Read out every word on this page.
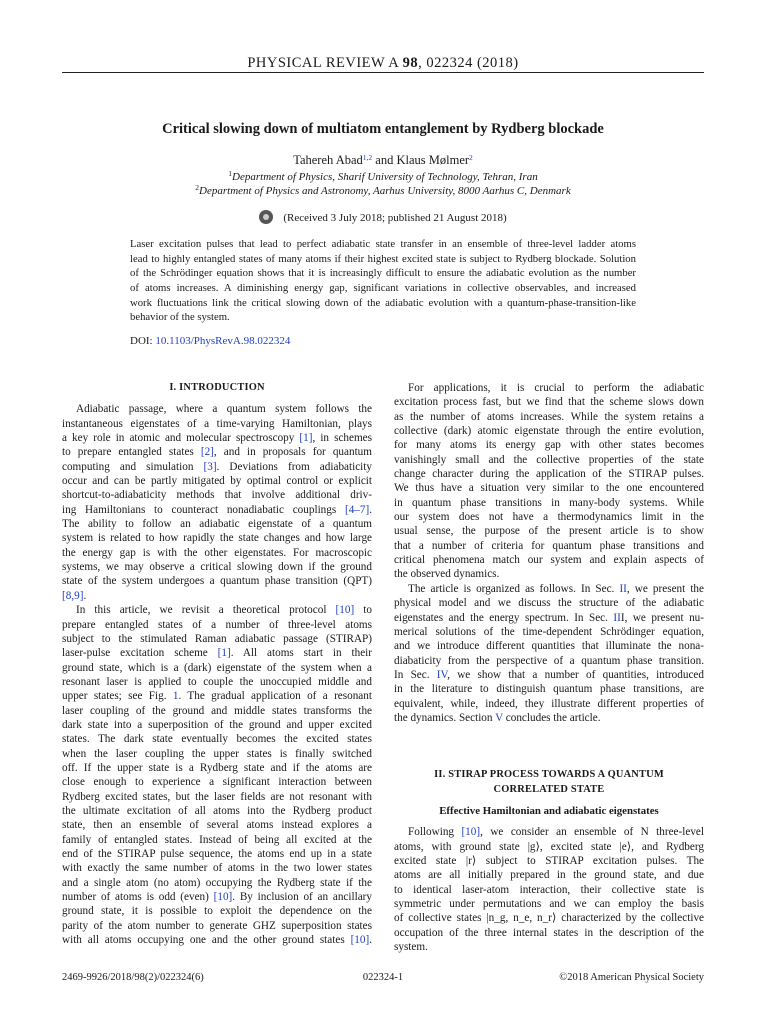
PHYSICAL REVIEW A 98, 022324 (2018)
Critical slowing down of multiatom entanglement by Rydberg blockade
Tahereh Abad$^{1,2}$ and Klaus Mølmer$^2$
$^1$Department of Physics, Sharif University of Technology, Tehran, Iran
$^2$Department of Physics and Astronomy, Aarhus University, 8000 Aarhus C, Denmark
(Received 3 July 2018; published 21 August 2018)
Laser excitation pulses that lead to perfect adiabatic state transfer in an ensemble of three-level ladder atoms
lead to highly entangled states of many atoms if their highest excited state is subject to Rydberg blockade. Solution
of the Schrödinger equation shows that it is increasingly difficult to ensure the adiabatic evolution as the number
of atoms increases. A diminishing energy gap, significant variations in collective observables, and increased
work fluctuations link the critical slowing down of the adiabatic evolution with a quantum-phase-transition-like
behavior of the system.
DOI: 10.1103/PhysRevA.98.022324
I. INTRODUCTION
Adiabatic passage, where a quantum system follows the
instantaneous eigenstates of a time-varying Hamiltonian, plays
a key role in atomic and molecular spectroscopy [1], in schemes
to prepare entangled states [2], and in proposals for quantum
computing and simulation [3]. Deviations from adiabaticity
occur and can be partly mitigated by optimal control or explicit
shortcut-to-adiabaticity methods that involve additional driv-
ing Hamiltonians to counteract nonadiabatic couplings [4–7].
The ability to follow an adiabatic eigenstate of a quantum
system is related to how rapidly the state changes and how large
the energy gap is with the other eigenstates. For macroscopic
systems, we may observe a critical slowing down if the ground
state of the system undergoes a quantum phase transition (QPT)
[8,9].
In this article, we revisit a theoretical protocol [10] to
prepare entangled states of a number of three-level atoms
subject to the stimulated Raman adiabatic passage (STIRAP)
laser-pulse excitation scheme [1]. All atoms start in their
ground state, which is a (dark) eigenstate of the system when a
resonant laser is applied to couple the unoccupied middle and
upper states; see Fig. 1. The gradual application of a resonant
laser coupling of the ground and middle states transforms the
dark state into a superposition of the ground and upper excited
states. The dark state eventually becomes the excited states
when the laser coupling the upper states is finally switched
off. If the upper state is a Rydberg state and if the atoms are
close enough to experience a significant interaction between
Rydberg excited states, but the laser fields are not resonant with
the ultimate excitation of all atoms into the Rydberg product
state, then an ensemble of several atoms instead explores a
family of entangled states. Instead of being all excited at the
end of the STIRAP pulse sequence, the atoms end up in a state
with exactly the same number of atoms in the two lower states
and a single atom (no atom) occupying the Rydberg state if the
number of atoms is odd (even) [10]. By inclusion of an ancillary
ground state, it is possible to exploit the dependence on the
parity of the atom number to generate GHZ superposition states
with all atoms occupying one and the other ground states [10].
For applications, it is crucial to perform the adiabatic
excitation process fast, but we find that the scheme slows down
as the number of atoms increases. While the system retains a
collective (dark) atomic eigenstate through the entire evolution,
for many atoms its energy gap with other states becomes
vanishingly small and the collective properties of the state
change character during the application of the STIRAP pulses.
We thus have a situation very similar to the one encountered
in quantum phase transitions in many-body systems. While
our system does not have a thermodynamics limit in the
usual sense, the purpose of the present article is to show
that a number of criteria for quantum phase transitions and
critical phenomena match our system and explain aspects of
the observed dynamics.
The article is organized as follows. In Sec. II, we present the
physical model and we discuss the structure of the adiabatic
eigenstates and the energy spectrum. In Sec. III, we present nu-
merical solutions of the time-dependent Schrödinger equation,
and we introduce different quantities that illuminate the nona-
diabaticity from the perspective of a quantum phase transition.
In Sec. IV, we show that a number of quantities, introduced
in the literature to distinguish quantum phase transitions, are
equivalent, while, indeed, they illustrate different properties of
the dynamics. Section V concludes the article.
II. STIRAP PROCESS TOWARDS A QUANTUM
CORRELATED STATE
Effective Hamiltonian and adiabatic eigenstates
Following [10], we consider an ensemble of N three-level
atoms, with ground state |g⟩, excited state |e⟩, and Rydberg
excited state |r⟩ subject to STIRAP excitation pulses. The
atoms are all initially prepared in the ground state, and due
to identical laser-atom interaction, their collective state is
symmetric under permutations and we can employ the basis
of collective states |n_g, n_e, n_r⟩ characterized by the collective
occupation of the three internal states in the description of the
system.
2469-9926/2018/98(2)/022324(6)	022324-1	©2018 American Physical Society
